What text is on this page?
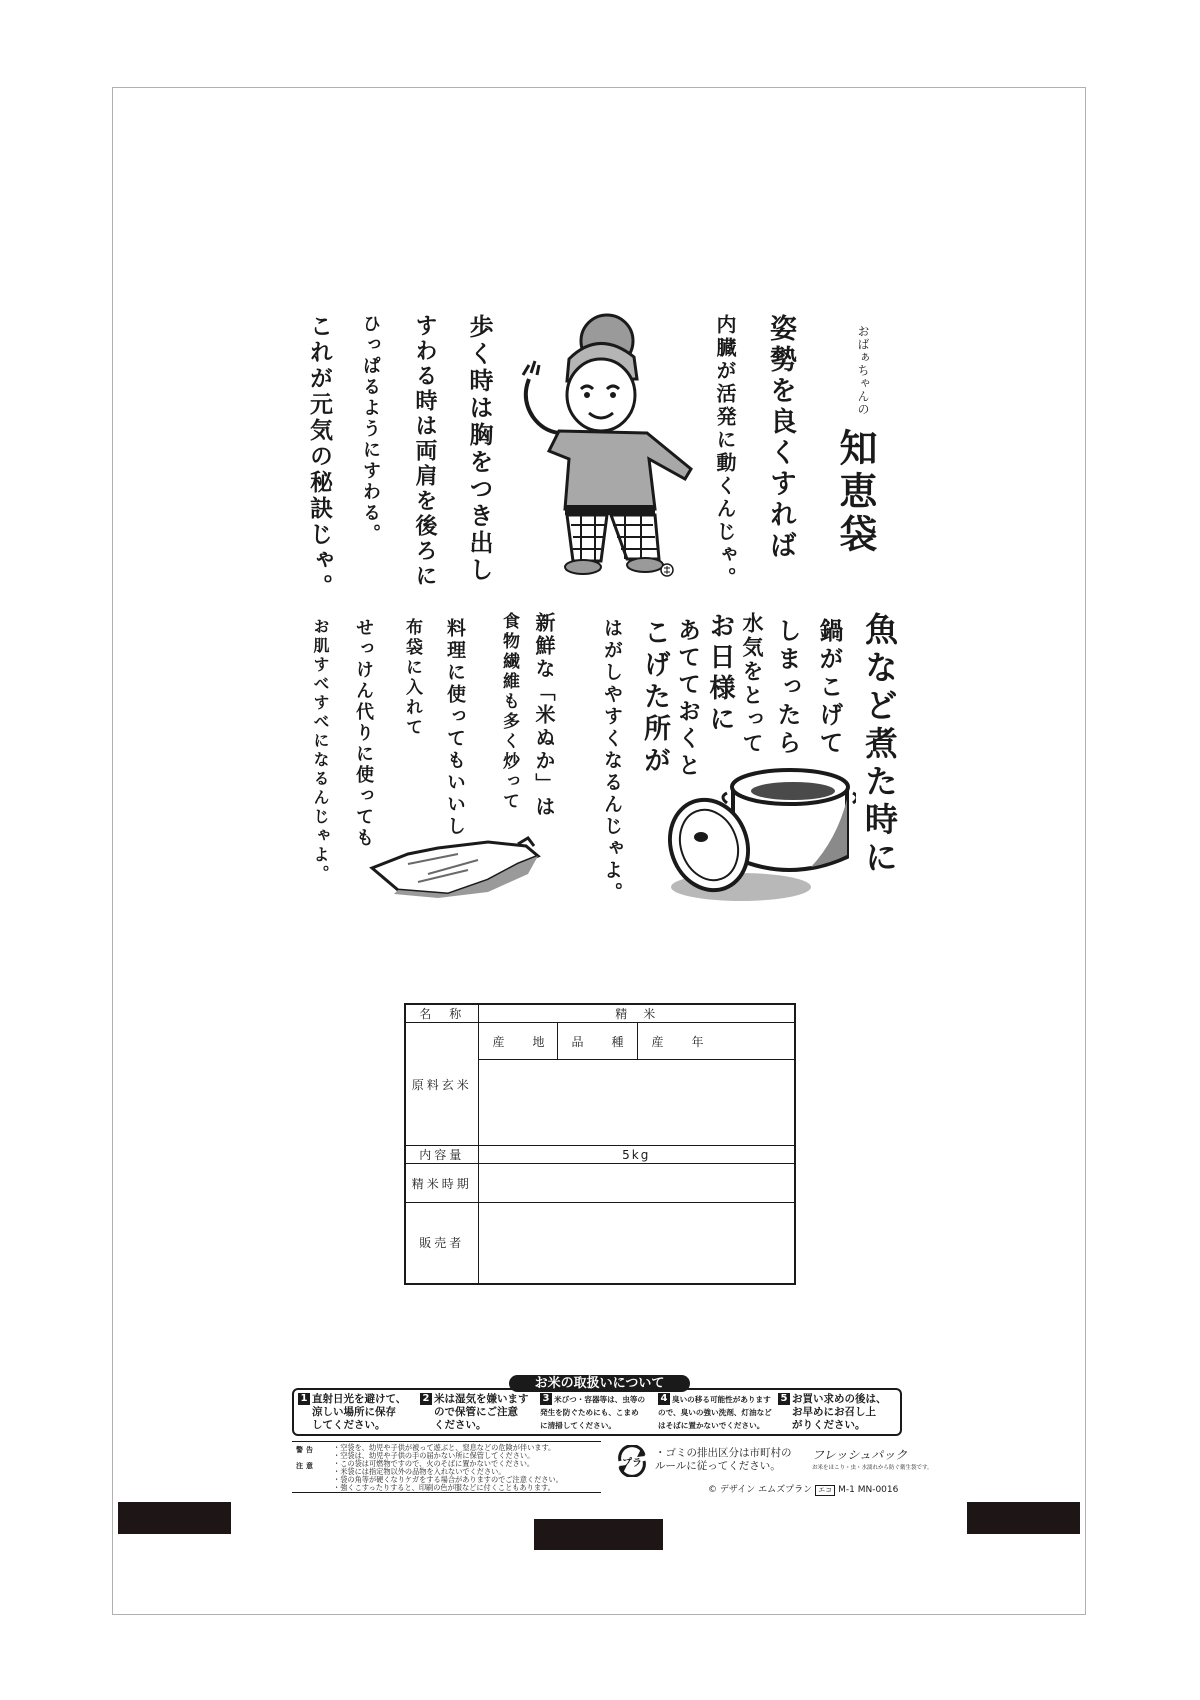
おばぁちゃんの
知恵袋
姿勢を良くすれば
内臓が活発に動くんじゃ。
歩く時は胸をつき出し
すわる時は両肩を後ろに
ひっぱるようにすわる。
これが元気の秘訣じゃ。
魚など煮た時に
鍋がこげて
しまったら
水気をとって
お日様に
あてておくと
こげた所が
はがしやすくなるんじゃよ。
新鮮な「米ぬか」は
食物繊維も多く炒って
料理に使ってもいいし
布袋に入れて
せっけん代りに使っても
お肌すべすべになるんじゃよ。
名　称	精　米		
原料玄米	産　地	品　種	産　年

内容量	5kg		
精米時期			
販売者			
お米の取扱いについて
1 直射日光を避けて、
涼しい場所に保存
してください。
2 米は湿気を嫌います
ので保管にご注意
ください。
3 米びつ・容器等は、虫等の
発生を防ぐためにも、こまめ
に清掃してください。
4 臭いの移る可能性があります
ので、臭いの強い洗剤、灯油など
はそばに置かないでください。
5 お買い求めの後は、
お早めにお召し上
がりください。
警告
注意
・空袋を、幼児や子供が被って遊ぶと、窒息などの危険が伴います。
・空袋は、幼児や子供の手の届かない所に保管してください。
・この袋は可燃物ですので、火のそばに置かないでください。
・米袋には指定物以外の品物を入れないでください。
・袋の角等が硬くなりケガをする場合がありますのでご注意ください。
・強くこすったりすると、印刷の色が服などに付くこともあります。
プラ
・ゴミの排出区分は市町村の
ルールに従ってください。
フレッシュパック
お米をほこり・虫・水濡れから防ぐ衛生袋です。
© デザイン エムズプラン エコ M-1 MN-0016
